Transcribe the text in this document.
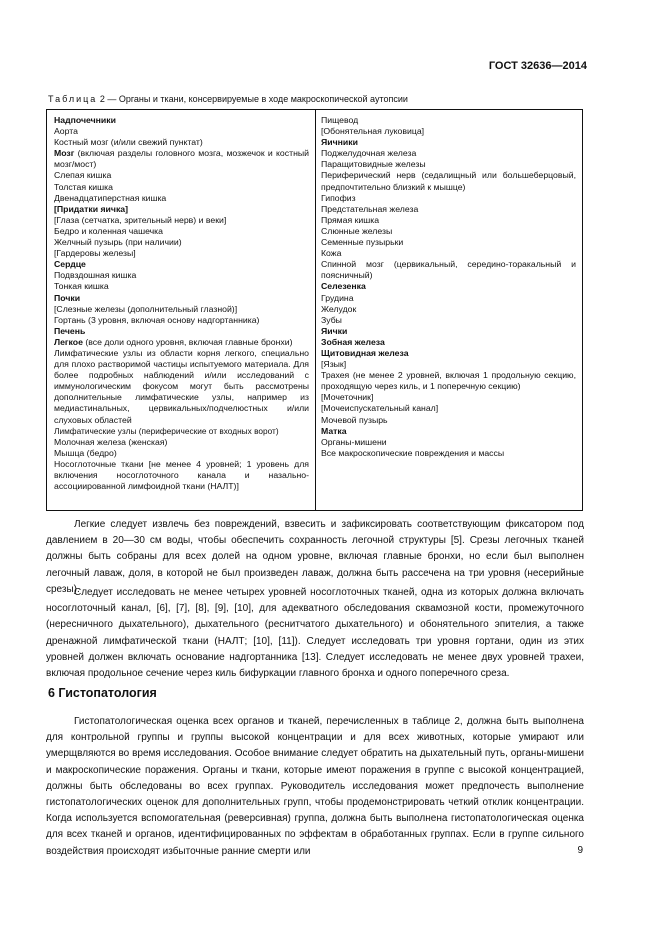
ГОСТ 32636—2014
Таблица 2 — Органы и ткани, консервируемые в ходе макроскопической аутопсии
Надпочечники
Аорта
Костный мозг (и/или свежий пунктат)
Мозг (включая разделы головного мозга, мозжечок и костный мозг/мост)
Слепая кишка
Толстая кишка
Двенадцатиперстная кишка
[Придатки яичка]
[Глаза (сетчатка, зрительный нерв) и веки]
Бедро и коленная чашечка
Желчный пузырь (при наличии)
[Гардеровы железы]
Сердце
Подвздошная кишка
Тонкая кишка
Почки
[Слезные железы (дополнительный глазной)]
Гортань (3 уровня, включая основу надгортанника)
Печень
Легкое (все доли одного уровня, включая главные бронхи)
Лимфатические узлы из области корня легкого, специально для плохо растворимой частицы испытуемого материала. Для более подробных наблюдений и/или исследований с иммунологическим фокусом могут быть рассмотрены дополнительные лимфатические узлы, например из медиастинальных, цервикальных/подчелюстных и/или слуховых областей
Лимфатические узлы (периферические от входных ворот)
Молочная железа (женская)
Мышца (бедро)
Носоглоточные ткани [не менее 4 уровней; 1 уровень для включения носоглоточного канала и назально-ассоциированной лимфоидной ткани (НАЛТ)]
Пищевод
[Обонятельная луковица]
Яичники
Поджелудочная железа
Паращитовидные железы
Периферический нерв (седалищный или большеберцовый, предпочтительно близкий к мышце)
Гипофиз
Предстательная железа
Прямая кишка
Слюнные железы
Семенные пузырьки
Кожа
Спинной мозг (цервикальный, середино-торакальный и поясничный)
Селезенка
Грудина
Желудок
Зубы
Яички
Зобная железа
Щитовидная железа
[Язык]
Трахея (не менее 2 уровней, включая 1 продольную секцию, проходящую через киль, и 1 поперечную секцию)
[Мочеточник]
[Мочеиспускательный канал]
Мочевой пузырь
Матка
Органы-мишени
Все макроскопические повреждения и массы

Легкие следует извлечь без повреждений, взвесить и зафиксировать соответствующим фиксатором под давлением в 20—30 см воды, чтобы обеспечить сохранность легочной структуры [5]. Срезы легочных тканей должны быть собраны для всех долей на одном уровне, включая главные бронхи, но если был выполнен легочный лаваж, доля, в которой не был произведен лаваж, должна быть рассечена на три уровня (несерийные срезы).

Следует исследовать не менее четырех уровней носоглоточных тканей, одна из которых должна включать носоглоточный канал, [6], [7], [8], [9], [10], для адекватного обследования сквамозной кости, промежуточного (нересничного дыхательного), дыхательного (реснитчатого дыхательного) и обонятельного эпителия, а также дренажной лимфатической ткани (НАЛТ; [10], [11]). Следует исследовать три уровня гортани, один из этих уровней должен включать основание надгортанника [13]. Следует исследовать не менее двух уровней трахеи, включая продольное сечение через киль бифуркации главного бронха и одного поперечного среза.

6 Гистопатология

Гистопатологическая оценка всех органов и тканей, перечисленных в таблице 2, должна быть выполнена для контрольной группы и группы высокой концентрации и для всех животных, которые умирают или умерщвляются во время исследования. Особое внимание следует обратить на дыхательный путь, органы-мишени и макроскопические поражения. Органы и ткани, которые имеют поражения в группе с высокой концентрацией, должны быть обследованы во всех группах. Руководитель исследования может предпочесть выполнение гистопатологических оценок для дополнительных групп, чтобы продемонстрировать четкий отклик концентрации. Когда используется вспомогательная (реверсивная) группа, должна быть выполнена гистопатологическая оценка для всех тканей и органов, идентифицированных по эффектам в обработанных группах. Если в группе сильного воздействия происходят избыточные ранние смерти или	9
